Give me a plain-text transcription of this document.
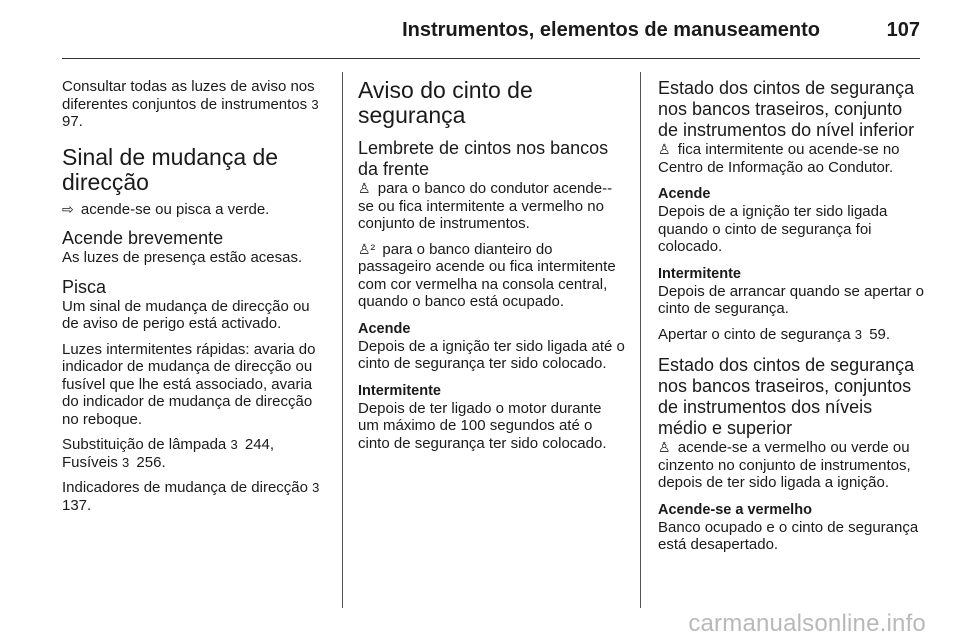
Instrumentos, elementos de manuseamento	107

Consultar todas as luzes de aviso nos diferentes conjuntos de instrumentos 3 97.

Sinal de mudança de direcção

⇨ acende-se ou pisca a verde.

Acende brevemente

As luzes de presença estão acesas.

Pisca

Um sinal de mudança de direcção ou de aviso de perigo está activado.

Luzes intermitentes rápidas: avaria do indicador de mudança de direcção ou fusível que lhe está associado, avaria do indicador de mudança de direcção no reboque.

Substituição de lâmpada 3 244,
Fusíveis 3 256.

Indicadores de mudança de direcção 3 137.

Aviso do cinto de segurança
Lembrete de cintos nos bancos da frente

♙ para o banco do condutor acende--se ou fica intermitente a vermelho no conjunto de instrumentos.

♙² para o banco dianteiro do passageiro acende ou fica intermitente com cor vermelha na consola central, quando o banco está ocupado.

Acende

Depois de a ignição ter sido ligada até o cinto de segurança ter sido colocado.

Intermitente

Depois de ter ligado o motor durante um máximo de 100 segundos até o cinto de segurança ter sido colocado.

Estado dos cintos de segurança nos bancos traseiros, conjunto de instrumentos do nível inferior

♙ fica intermitente ou acende-se no Centro de Informação ao Condutor.

Acende

Depois de a ignição ter sido ligada quando o cinto de segurança foi colocado.

Intermitente

Depois de arrancar quando se apertar o cinto de segurança.

Apertar o cinto de segurança 3 59.

Estado dos cintos de segurança nos bancos traseiros, conjuntos de instrumentos dos níveis médio e superior

♙ acende-se a vermelho ou verde ou cinzento no conjunto de instrumentos, depois de ter sido ligada a ignição.

Acende-se a vermelho

Banco ocupado e o cinto de segurança está desapertado.

carmanualsonline.info
